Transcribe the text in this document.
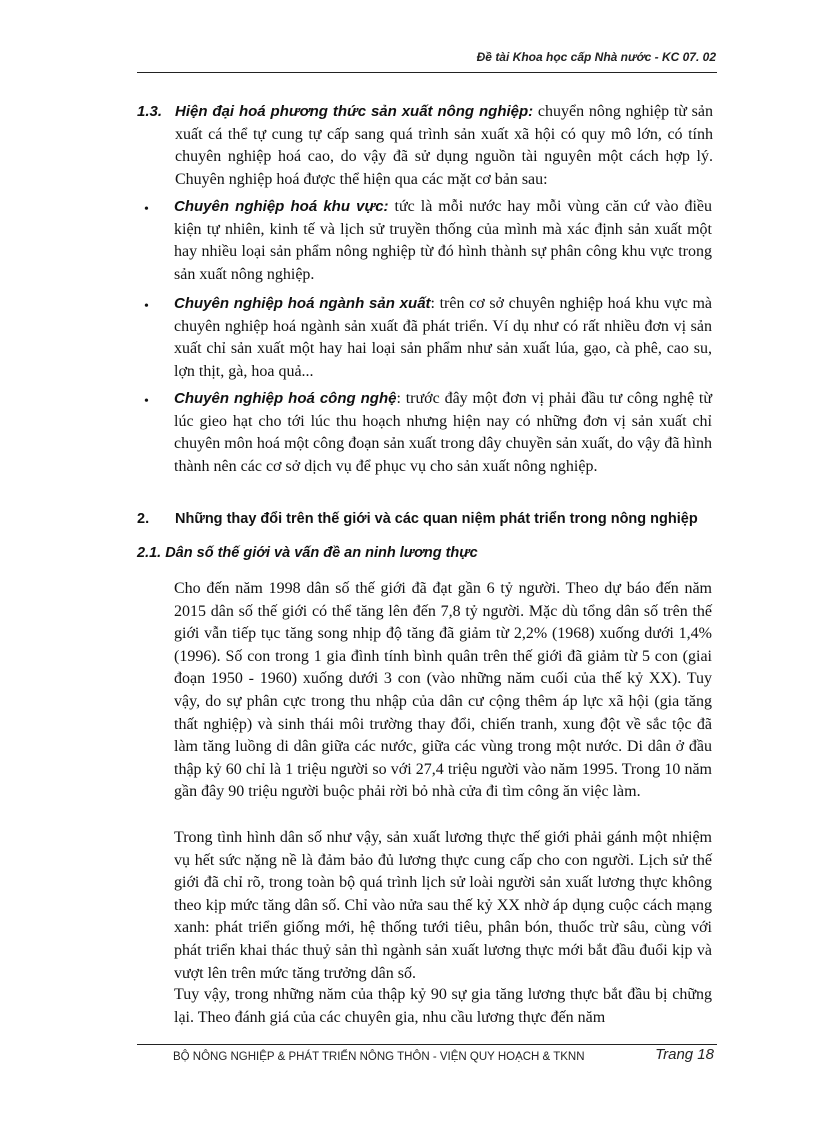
Đề tài Khoa học cấp Nhà nước - KC 07. 02
1.3. Hiện đại hoá phương thức sản xuất nông nghiệp: chuyển nông nghiệp từ sản xuất cá thể tự cung tự cấp sang quá trình sản xuất xã hội có quy mô lớn, có tính chuyên nghiệp hoá cao, do vậy đã sử dụng nguồn tài nguyên một cách hợp lý. Chuyên nghiệp hoá được thể hiện qua các mặt cơ bản sau:

• Chuyên nghiệp hoá khu vực: tức là mỗi nước hay mỗi vùng căn cứ vào điều kiện tự nhiên, kinh tế và lịch sử truyền thống của mình mà xác định sản xuất một hay nhiều loại sản phẩm nông nghiệp từ đó hình thành sự phân công khu vực trong sản xuất nông nghiệp.

• Chuyên nghiệp hoá ngành sản xuất: trên cơ sở chuyên nghiệp hoá khu vực mà chuyên nghiệp hoá ngành sản xuất đã phát triển. Ví dụ như có rất nhiều đơn vị sản xuất chỉ sản xuất một hay hai loại sản phẩm như sản xuất lúa, gạo, cà phê, cao su, lợn thịt, gà, hoa quả...

• Chuyên nghiệp hoá công nghệ: trước đây một đơn vị phải đầu tư công nghệ từ lúc gieo hạt cho tới lúc thu hoạch nhưng hiện nay có những đơn vị sản xuất chỉ chuyên môn hoá một công đoạn sản xuất trong dây chuyền sản xuất, do vậy đã hình thành nên các cơ sở dịch vụ để phục vụ cho sản xuất nông nghiệp.

2. Những thay đổi trên thế giới và các quan niệm phát triển trong nông nghiệp
2.1. Dân số thế giới và vấn đề an ninh lương thực

Cho đến năm 1998 dân số thế giới đã đạt gần 6 tỷ người. Theo dự báo đến năm 2015 dân số thế giới có thể tăng lên đến 7,8 tỷ người. Mặc dù tổng dân số trên thế giới vẫn tiếp tục tăng song nhịp độ tăng đã giảm từ 2,2% (1968) xuống dưới 1,4% (1996). Số con trong 1 gia đình tính bình quân trên thế giới đã giảm từ 5 con (giai đoạn 1950 - 1960) xuống dưới 3 con (vào những năm cuối của thế kỷ XX). Tuy vậy, do sự phân cực trong thu nhập của dân cư cộng thêm áp lực xã hội (gia tăng thất nghiệp) và sinh thái môi trường thay đổi, chiến tranh, xung đột về sắc tộc đã làm tăng luồng di dân giữa các nước, giữa các vùng trong một nước. Di dân ở đầu thập kỷ 60 chỉ là 1 triệu người so với 27,4 triệu người vào năm 1995. Trong 10 năm gần đây 90 triệu người buộc phải rời bỏ nhà cửa đi tìm công ăn việc làm.

Trong tình hình dân số như vậy, sản xuất lương thực thế giới phải gánh một nhiệm vụ hết sức nặng nề là đảm bảo đủ lương thực cung cấp cho con người. Lịch sử thế giới đã chỉ rõ, trong toàn bộ quá trình lịch sử loài người sản xuất lương thực không theo kịp mức tăng dân số. Chỉ vào nửa sau thế kỷ XX nhờ áp dụng cuộc cách mạng xanh: phát triển giống mới, hệ thống tưới tiêu, phân bón, thuốc trừ sâu, cùng với phát triển khai thác thuỷ sản thì ngành sản xuất lương thực mới bắt đầu đuổi kịp và vượt lên trên mức tăng trưởng dân số.

Tuy vậy, trong những năm của thập kỷ 90 sự gia tăng lương thực bắt đầu bị chững lại. Theo đánh giá của các chuyên gia, nhu cầu lương thực đến năm

BỘ NÔNG NGHIỆP & PHÁT TRIỂN NÔNG THÔN - VIỆN QUY HOẠCH & TKNN	Trang 18
